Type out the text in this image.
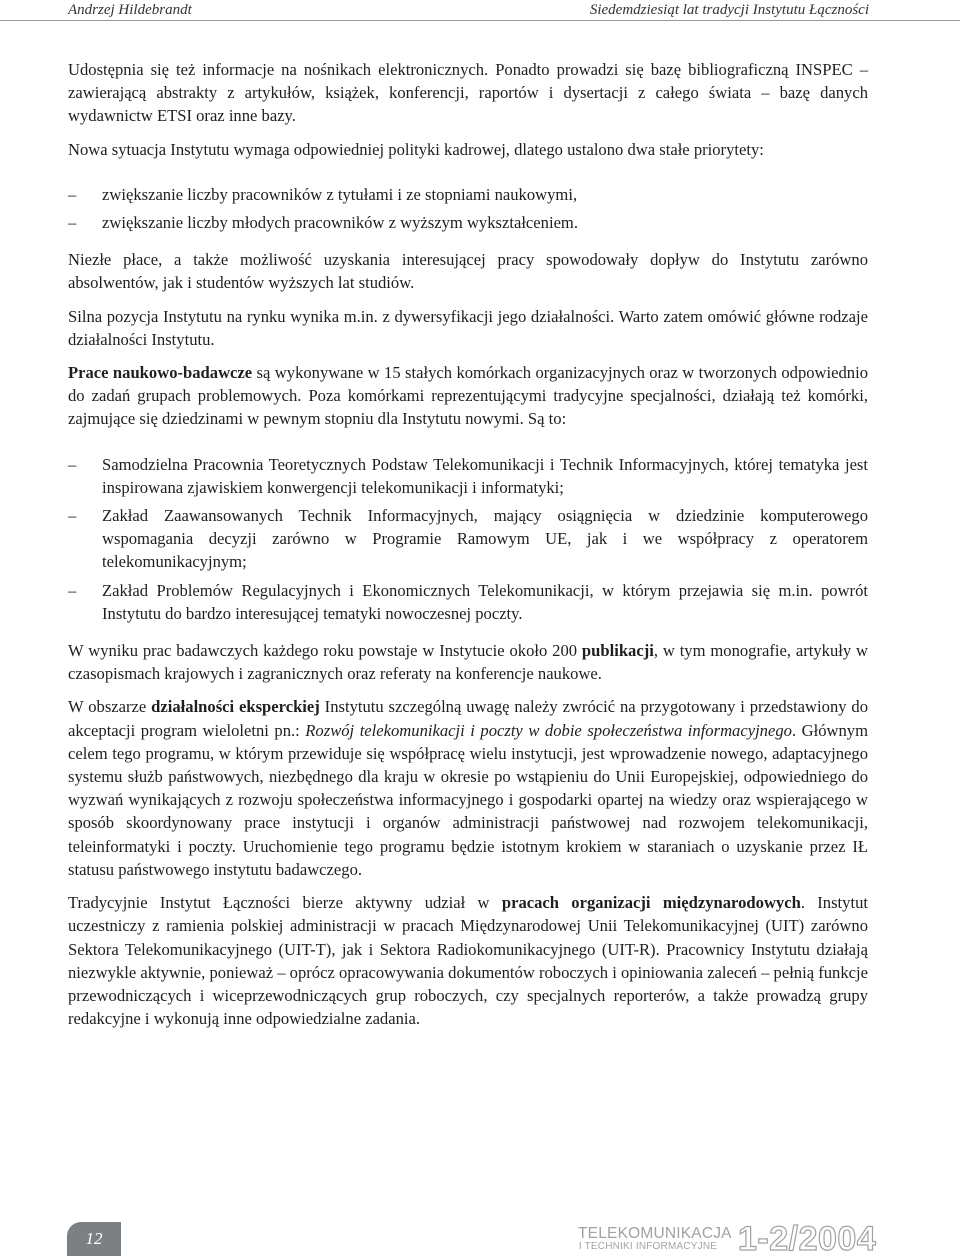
Andrzej Hildebrandt	Siedemdziesiąt lat tradycji Instytutu Łączności

Udostępnia się też informacje na nośnikach elektronicznych. Ponadto prowadzi się bazę bibliograficzną INSPEC – zawierającą abstrakty z artykułów, książek, konferencji, raportów i dysertacji z całego świata – bazę danych wydawnictw ETSI oraz inne bazy.

Nowa sytuacja Instytutu wymaga odpowiedniej polityki kadrowej, dlatego ustalono dwa stałe priorytety:

– zwiększanie liczby pracowników z tytułami i ze stopniami naukowymi,
– zwiększanie liczby młodych pracowników z wyższym wykształceniem.

Niezłe płace, a także możliwość uzyskania interesującej pracy spowodowały dopływ do Instytutu zarówno absolwentów, jak i studentów wyższych lat studiów.

Silna pozycja Instytutu na rynku wynika m.in. z dywersyfikacji jego działalności. Warto zatem omówić główne rodzaje działalności Instytutu.

Prace naukowo-badawcze są wykonywane w 15 stałych komórkach organizacyjnych oraz w tworzonych odpowiednio do zadań grupach problemowych. Poza komórkami reprezentującymi tradycyjne specjalności, działają też komórki, zajmujące się dziedzinami w pewnym stopniu dla Instytutu nowymi. Są to:

– Samodzielna Pracownia Teoretycznych Podstaw Telekomunikacji i Technik Informacyjnych, której tematyka jest inspirowana zjawiskiem konwergencji telekomunikacji i informatyki;
– Zakład Zaawansowanych Technik Informacyjnych, mający osiągnięcia w dziedzinie komputerowego wspomagania decyzji zarówno w Programie Ramowym UE, jak i we współpracy z operatorem telekomunikacyjnym;
– Zakład Problemów Regulacyjnych i Ekonomicznych Telekomunikacji, w którym przejawia się m.in. powrót Instytutu do bardzo interesującej tematyki nowoczesnej poczty.

W wyniku prac badawczych każdego roku powstaje w Instytucie około 200 publikacji, w tym monografie, artykuły w czasopismach krajowych i zagranicznych oraz referaty na konferencje naukowe.

W obszarze działalności eksperckiej Instytutu szczególną uwagę należy zwrócić na przygotowany i przedstawiony do akceptacji program wieloletni pn.: Rozwój telekomunikacji i poczty w dobie społeczeństwa informacyjnego. Głównym celem tego programu, w którym przewiduje się współpracę wielu instytucji, jest wprowadzenie nowego, adaptacyjnego systemu służb państwowych, niezbędnego dla kraju w okresie po wstąpieniu do Unii Europejskiej, odpowiedniego do wyzwań wynikających z rozwoju społeczeństwa informacyjnego i gospodarki opartej na wiedzy oraz wspierającego w sposób skoordynowany prace instytucji i organów administracji państwowej nad rozwojem telekomunikacji, teleinformatyki i poczty. Uruchomienie tego programu będzie istotnym krokiem w staraniach o uzyskanie przez IŁ statusu państwowego instytutu badawczego.

Tradycyjnie Instytut Łączności bierze aktywny udział w pracach organizacji międzynarodowych. Instytut uczestniczy z ramienia polskiej administracji w pracach Międzynarodowej Unii Telekomunikacyjnej (UIT) zarówno Sektora Telekomunikacyjnego (UIT-T), jak i Sektora Radiokomunikacyjnego (UIT-R). Pracownicy Instytutu działają niezwykle aktywnie, ponieważ – oprócz opracowywania dokumentów roboczych i opiniowania zaleceń – pełnią funkcje przewodniczących i wiceprzewodniczących grup roboczych, czy specjalnych reporterów, a także prowadzą grupy redakcyjne i wykonują inne odpowiedzialne zadania.

12	TELEKOMUNIKACJA
I TECHNIKI INFORMACYJNE 1-2/2004
